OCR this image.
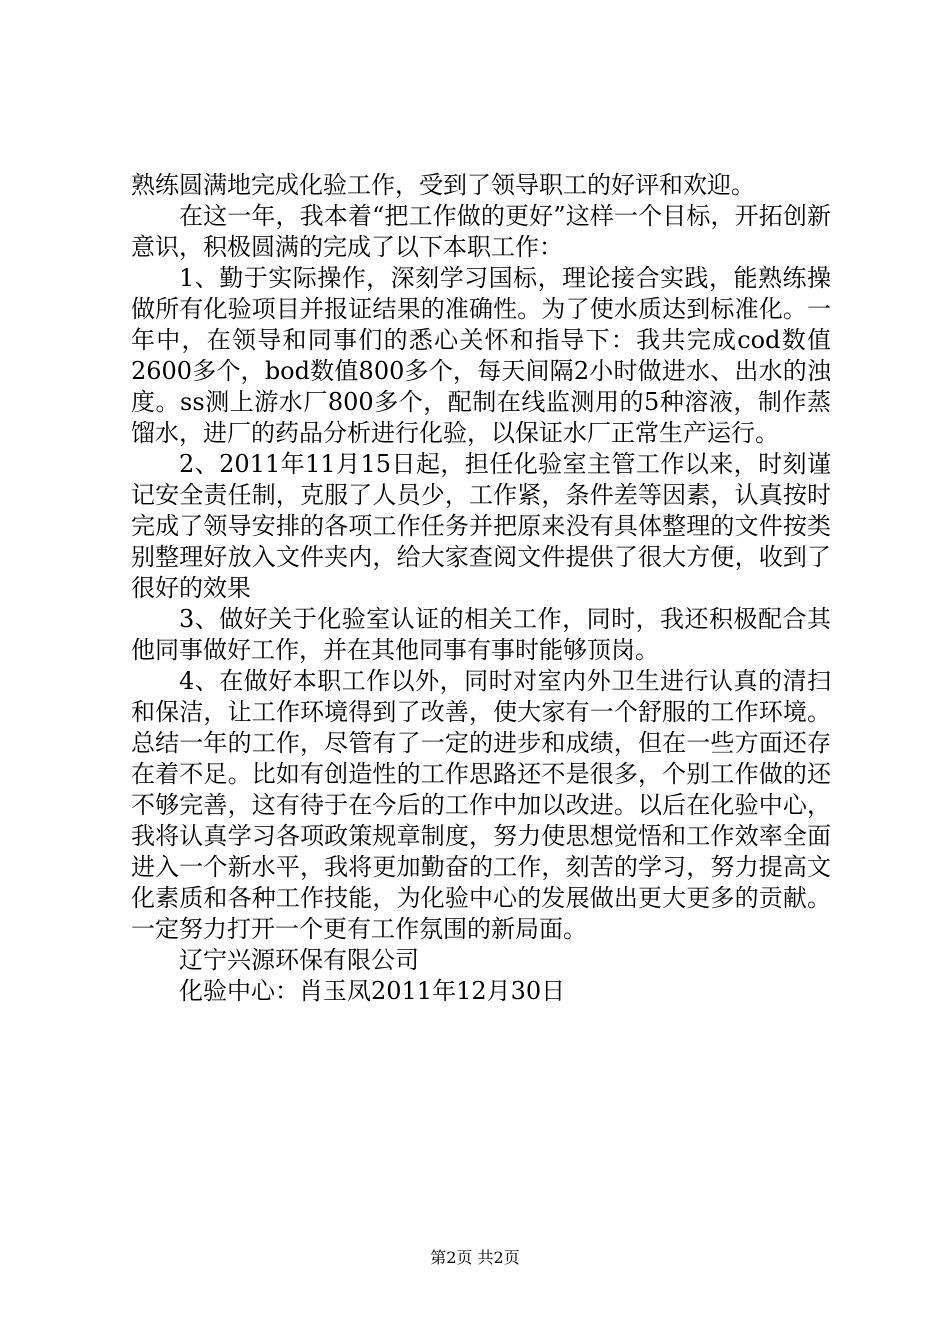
熟练圆满地完成化验工作，受到了领导职工的好评和欢迎。

在这一年，我本着“把工作做的更好”这样一个目标，开拓创新意识，积极圆满的完成了以下本职工作：

1、勤于实际操作，深刻学习国标，理论接合实践，能熟练操做所有化验项目并报证结果的准确性。为了使水质达到标准化。一年中，在领导和同事们的悉心关怀和指导下：我共完成cod数值2600多个，bod数值800多个，每天间隔2小时做进水、出水的浊度。ss测上游水厂800多个，配制在线监测用的5种溶液，制作蒸馏水，进厂的药品分析进行化验，以保证水厂正常生产运行。

2、2011年11月15日起，担任化验室主管工作以来，时刻谨记安全责任制，克服了人员少，工作紧，条件差等因素，认真按时完成了领导安排的各项工作任务并把原来没有具体整理的文件按类别整理好放入文件夹内，给大家查阅文件提供了很大方便，收到了很好的效果

3、做好关于化验室认证的相关工作，同时，我还积极配合其他同事做好工作，并在其他同事有事时能够顶岗。

4、在做好本职工作以外，同时对室内外卫生进行认真的清扫和保洁，让工作环境得到了改善，使大家有一个舒服的工作环境。总结一年的工作，尽管有了一定的进步和成绩，但在一些方面还存在着不足。比如有创造性的工作思路还不是很多，个别工作做的还不够完善，这有待于在今后的工作中加以改进。以后在化验中心，我将认真学习各项政策规章制度，努力使思想觉悟和工作效率全面进入一个新水平，我将更加勤奋的工作，刻苦的学习，努力提高文化素质和各种工作技能，为化验中心的发展做出更大更多的贡献。一定努力打开一个更有工作氛围的新局面。

辽宁兴源环保有限公司

化验中心：肖玉凤2011年12月30日

第2页 共2页
